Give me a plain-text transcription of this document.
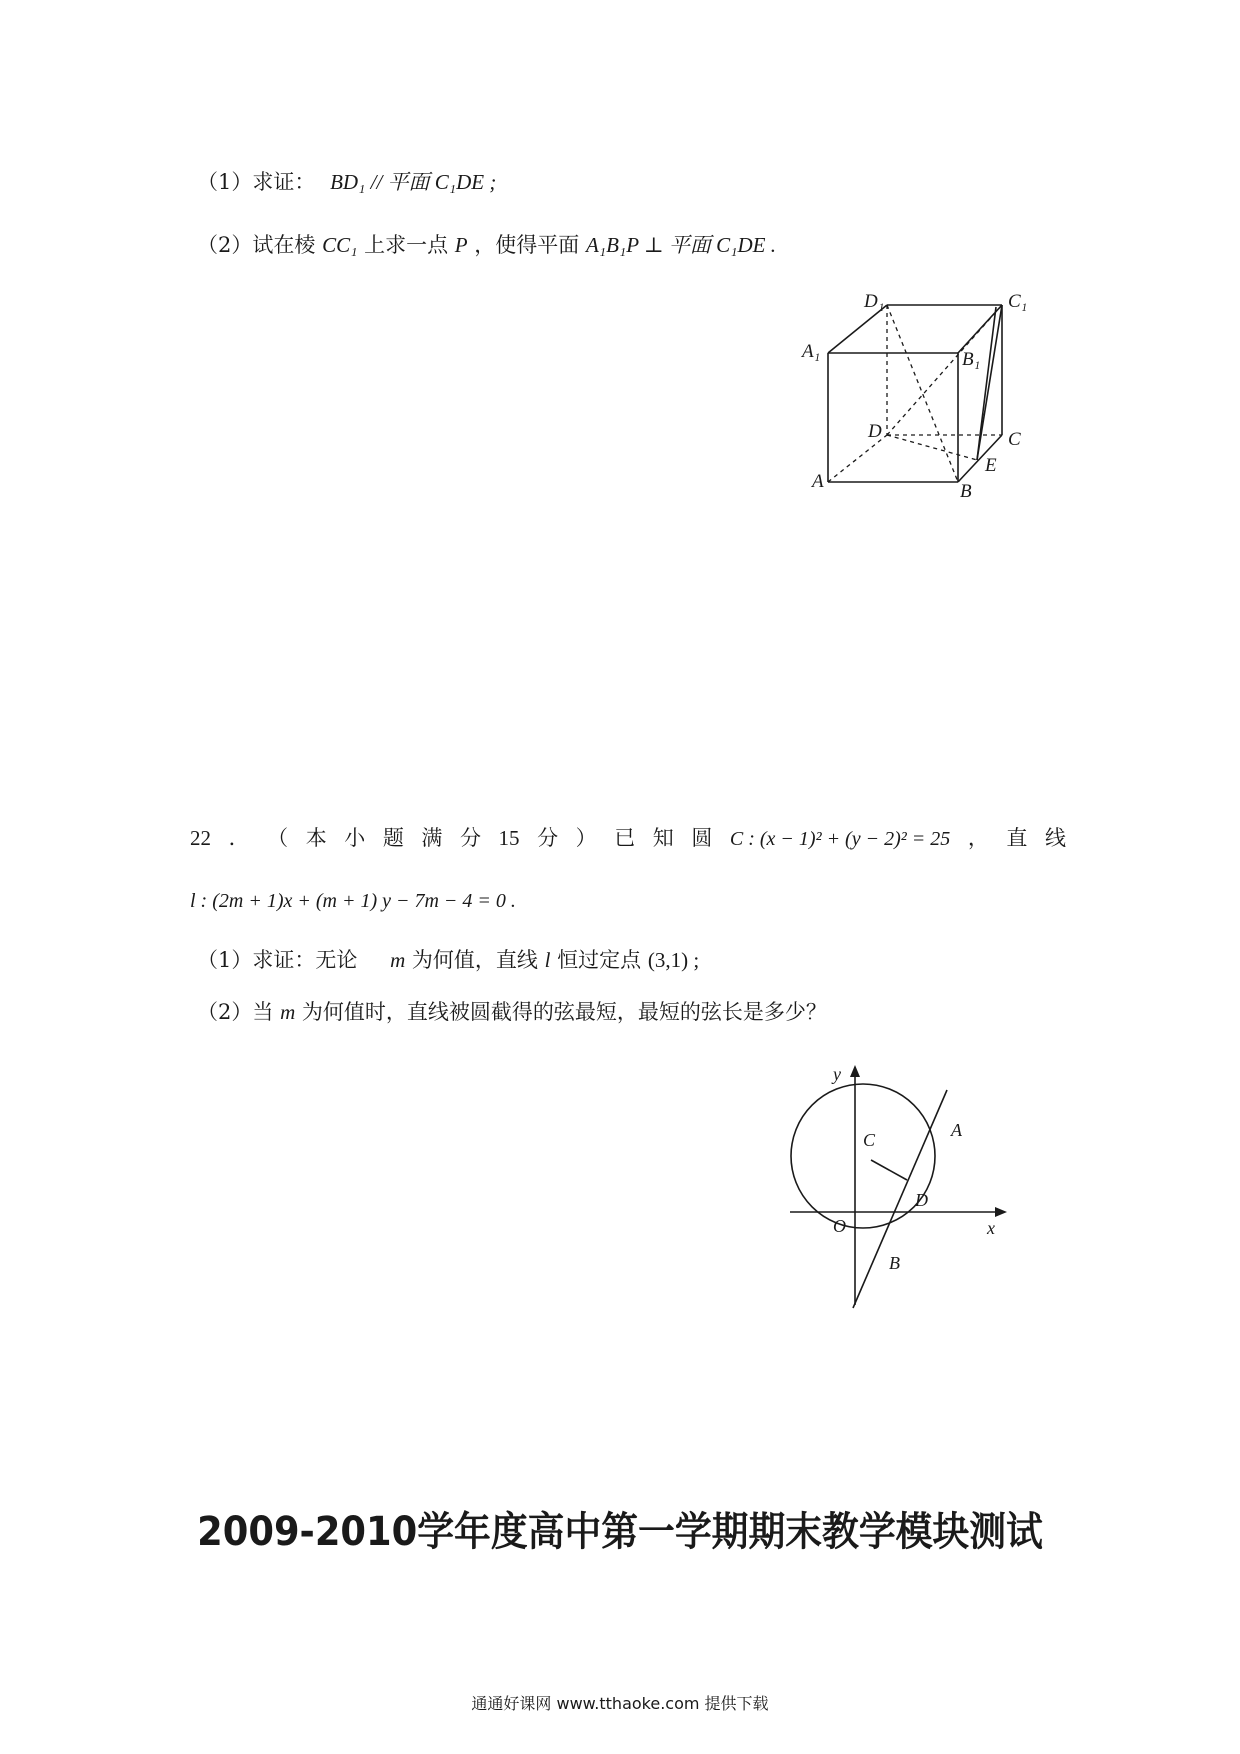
（1）求证： BD₁ // 平面 C₁DE ;
（2）试在棱 CC₁ 上求一点 P ，使得平面 A₁B₁P ⊥ 平面 C₁DE .
D₁	C₁
A₁	B₁
D	C
A	B
E
22 ． （ 本 小 题 满 分 15 分 ） 已 知 圆 C : (x − 1)² + (y − 2)² = 25 ， 直 线
l : (2m + 1)x + (m + 1) y − 7m − 4 = 0 .
（1）求证：无论 m 为何值，直线 l 恒过定点 (3,1) ;
（2）当 m 为何值时，直线被圆截得的弦最短，最短的弦长是多少？
y
x
O
C	A
D
B
2009-2010学年度高中第一学期期末教学模块测试
通通好课网 www.tthaoke.com 提供下载
